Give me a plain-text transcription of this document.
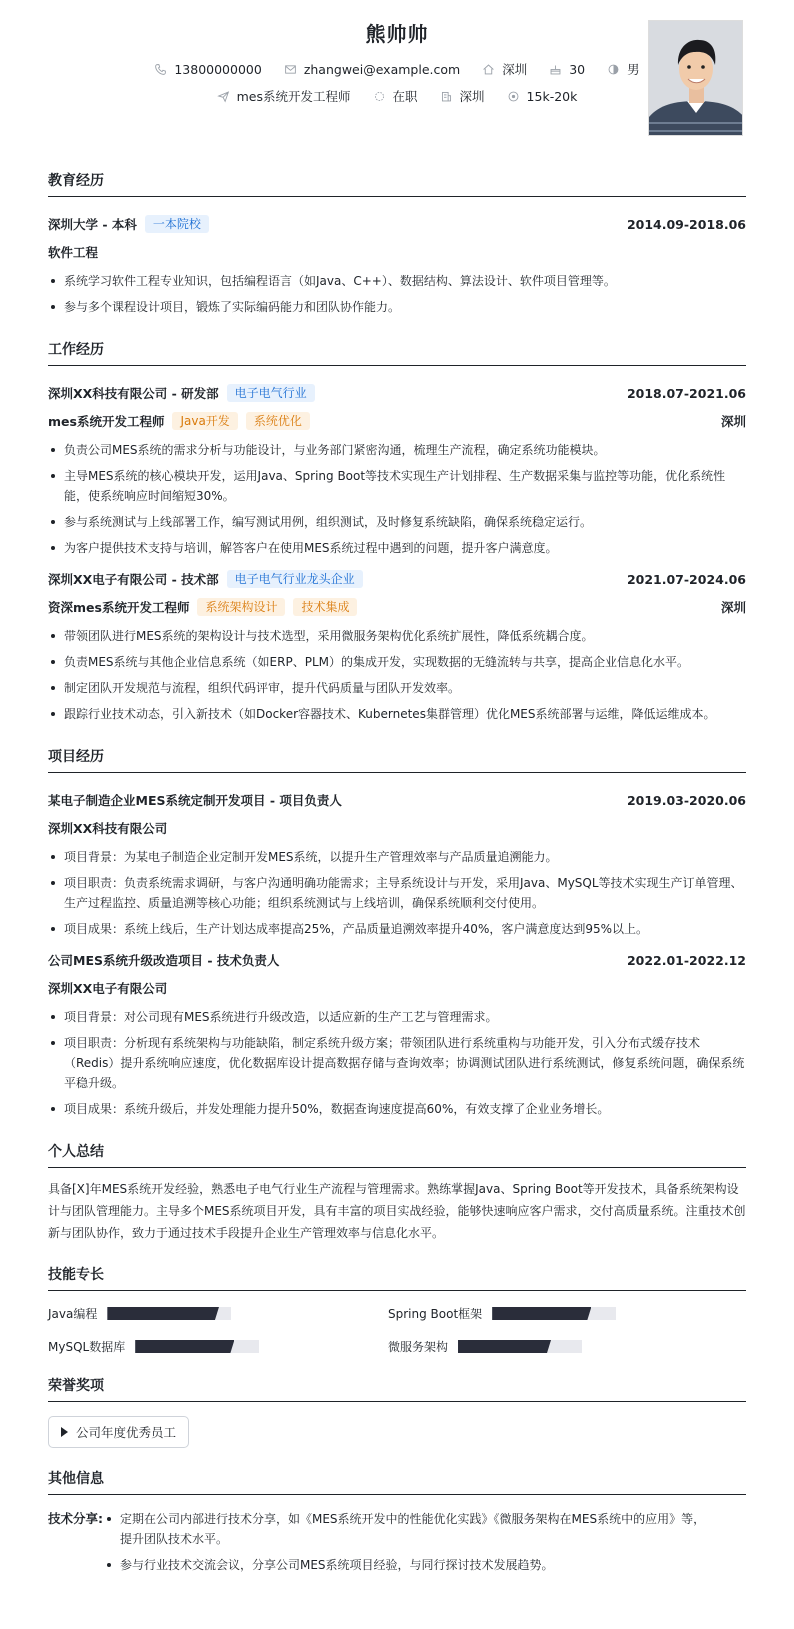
熊帅帅
13800000000	zhangwei@example.com	深圳	30	男
mes系统开发工程师	在职	深圳	15k-20k
教育经历
深圳大学 - 本科	一本院校	2014.09-2018.06
软件工程
系统学习软件工程专业知识，包括编程语言（如Java、C++）、数据结构、算法设计、软件项目管理等。
参与多个课程设计项目，锻炼了实际编码能力和团队协作能力。
工作经历
深圳XX科技有限公司 - 研发部	电子电气行业	2018.07-2021.06
mes系统开发工程师	Java开发	系统优化	深圳
负责公司MES系统的需求分析与功能设计，与业务部门紧密沟通，梳理生产流程，确定系统功能模块。
主导MES系统的核心模块开发，运用Java、Spring Boot等技术实现生产计划排程、生产数据采集与监控等功能，优化系统性能，使系统响应时间缩短30%。
参与系统测试与上线部署工作，编写测试用例，组织测试，及时修复系统缺陷，确保系统稳定运行。
为客户提供技术支持与培训，解答客户在使用MES系统过程中遇到的问题，提升客户满意度。
深圳XX电子有限公司 - 技术部	电子电气行业龙头企业	2021.07-2024.06
资深mes系统开发工程师	系统架构设计	技术集成	深圳
带领团队进行MES系统的架构设计与技术选型，采用微服务架构优化系统扩展性，降低系统耦合度。
负责MES系统与其他企业信息系统（如ERP、PLM）的集成开发，实现数据的无缝流转与共享，提高企业信息化水平。
制定团队开发规范与流程，组织代码评审，提升代码质量与团队开发效率。
跟踪行业技术动态，引入新技术（如Docker容器技术、Kubernetes集群管理）优化MES系统部署与运维，降低运维成本。
项目经历
某电子制造企业MES系统定制开发项目 - 项目负责人	2019.03-2020.06
深圳XX科技有限公司
项目背景：为某电子制造企业定制开发MES系统，以提升生产管理效率与产品质量追溯能力。
项目职责：负责系统需求调研，与客户沟通明确功能需求；主导系统设计与开发，采用Java、MySQL等技术实现生产订单管理、生产过程监控、质量追溯等核心功能；组织系统测试与上线培训，确保系统顺利交付使用。
项目成果：系统上线后，生产计划达成率提高25%，产品质量追溯效率提升40%，客户满意度达到95%以上。
公司MES系统升级改造项目 - 技术负责人	2022.01-2022.12
深圳XX电子有限公司
项目背景：对公司现有MES系统进行升级改造，以适应新的生产工艺与管理需求。
项目职责：分析现有系统架构与功能缺陷，制定系统升级方案；带领团队进行系统重构与功能开发，引入分布式缓存技术（Redis）提升系统响应速度，优化数据库设计提高数据存储与查询效率；协调测试团队进行系统测试，修复系统问题，确保系统平稳升级。
项目成果：系统升级后，并发处理能力提升50%，数据查询速度提高60%，有效支撑了企业业务增长。
个人总结

具备[X]年MES系统开发经验，熟悉电子电气行业生产流程与管理需求。熟练掌握Java、Spring Boot等开发技术，具备系统架构设计与团队管理能力。主导多个MES系统项目开发，具有丰富的项目实战经验，能够快速响应客户需求，交付高质量系统。注重技术创新与团队协作，致力于通过技术手段提升企业生产管理效率与信息化水平。

技能专长
Java编程	Spring Boot框架
MySQL数据库	微服务架构
荣誉奖项
公司年度优秀员工
其他信息
技术分享:	定期在公司内部进行技术分享，如《MES系统开发中的性能优化实践》《微服务架构在MES系统中的应用》等，提升团队技术水平。
参与行业技术交流会议，分享公司MES系统项目经验，与同行探讨技术发展趋势。
